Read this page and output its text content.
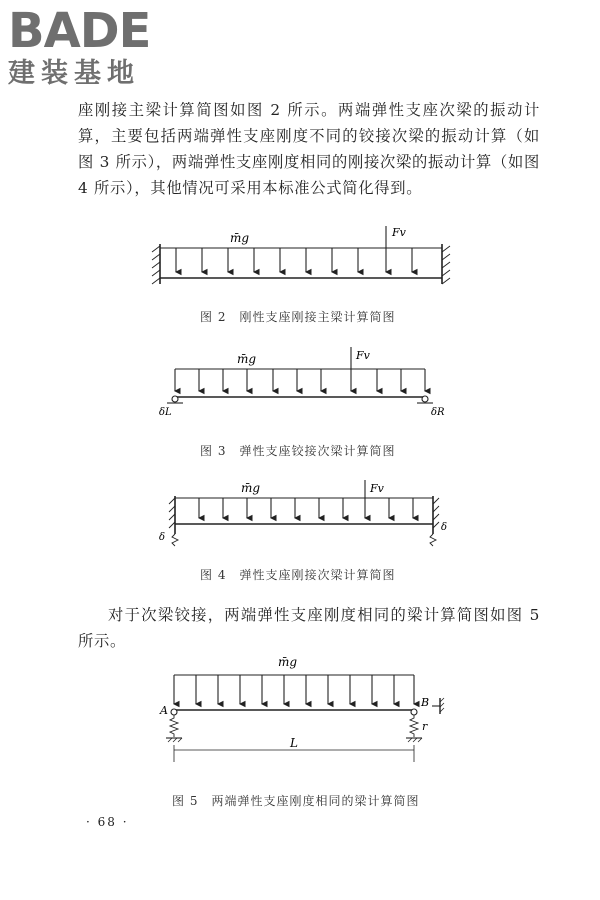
BADE
建装基地
座刚接主梁计算简图如图 2 所示。两端弹性支座次梁的振动计算，主要包括两端弹性支座刚度不同的铰接次梁的振动计算（如图 3 所示），两端弹性支座刚度相同的刚接次梁的振动计算（如图 4 所示），其他情况可采用本标准公式简化得到。
m̄g	Fv
图 2　刚性支座刚接主梁计算简图
m̄g	Fv
δL	δR
图 3　弹性支座铰接次梁计算简图
m̄g	Fv
δ
δ
图 4　弹性支座刚接次梁计算简图
对于次梁铰接，两端弹性支座刚度相同的梁计算简图如图 5 所示。
m̄g
A
B
r
L
图 5　两端弹性支座刚度相同的梁计算简图
· 68 ·
